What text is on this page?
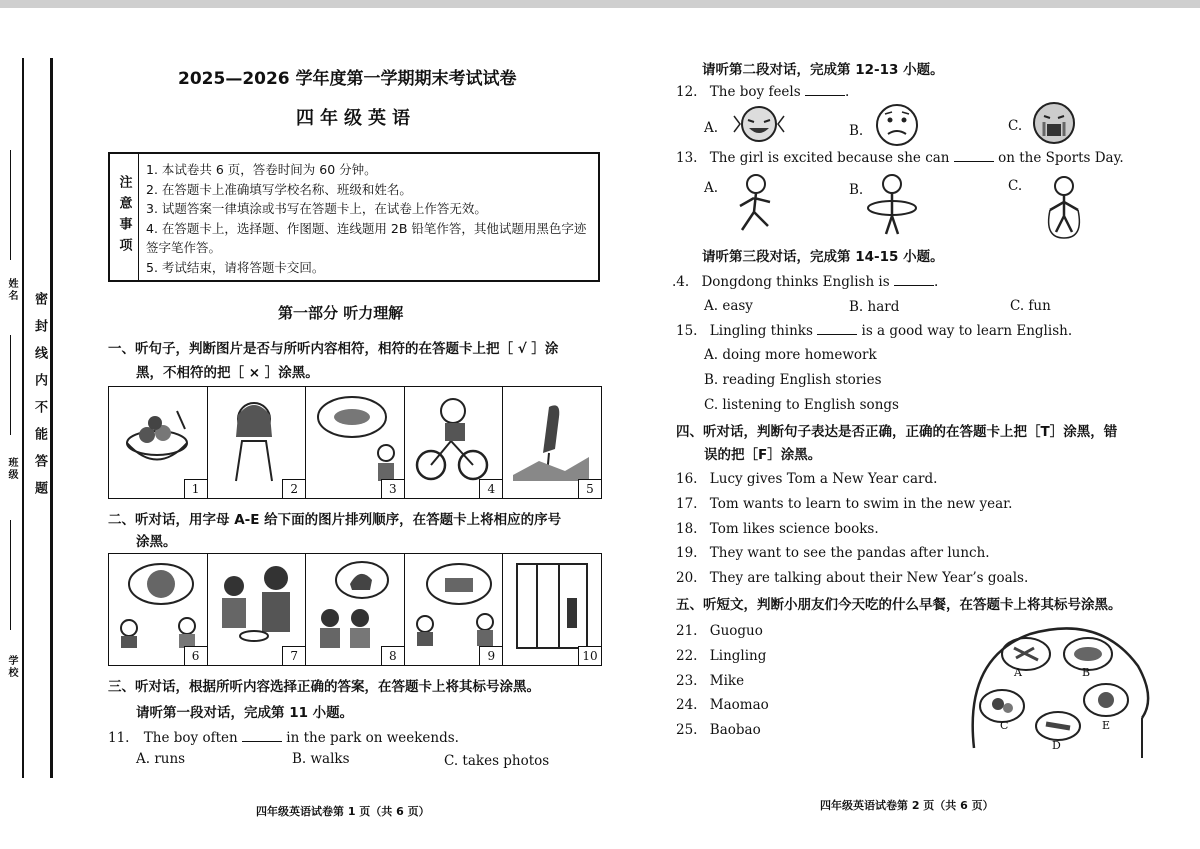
密封线内不能答题
姓名
班级
学校
2025—2026 学年度第一学期期末考试试卷
四年级英语
注意事项
1. 本试卷共 6 页，答卷时间为 60 分钟。
2. 在答题卡上准确填写学校名称、班级和姓名。
3. 试题答案一律填涂或书写在答题卡上，在试卷上作答无效。
4. 在答题卡上，选择题、作图题、连线题用 2B 铅笔作答，其他试题用黑色字迹签字笔作答。
5. 考试结束，请将答题卡交回。
第一部分 听力理解
一、听句子，判断图片是否与所听内容相符，相符的在答题卡上把［ √ ］涂
黑，不相符的把［ × ］涂黑。
1	2	3	4	5
二、听对话，用字母 A-E 给下面的图片排列顺序，在答题卡上将相应的序号
涂黑。
6	7	8	9	10
三、听对话，根据所听内容选择正确的答案，在答题卡上将其标号涂黑。
请听第一段对话，完成第 11 小题。
11. The boy often	in the park on weekends.
A. runs	B. walks	C. takes photos
四年级英语试卷第 1 页（共 6 页）
请听第二段对话，完成第 12-13 小题。
12. The boy feels	.
A.	B.	C.
13. The girl is excited because she can	on the Sports Day.
A.	B.	C.
请听第三段对话，完成第 14-15 小题。
.4. Dongdong thinks English is	.
A. easy	B. hard	C. fun
15. Lingling thinks	is a good way to learn English.
A. doing more homework
B. reading English stories
C. listening to English songs
四、听对话，判断句子表达是否正确，正确的在答题卡上把［T］涂黑，错
误的把［F］涂黑。
16. Lucy gives Tom a New Year card.
17. Tom wants to learn to swim in the new year.
18. Tom likes science books.
19. They want to see the pandas after lunch.
20. They are talking about their New Year’s goals.
五、听短文，判断小朋友们今天吃的什么早餐，在答题卡上将其标号涂黑。
21. Guoguo
22. Lingling
23. Mike
24. Maomao
25. Baobao
A	B
C
D
E
四年级英语试卷第 2 页（共 6 页）
